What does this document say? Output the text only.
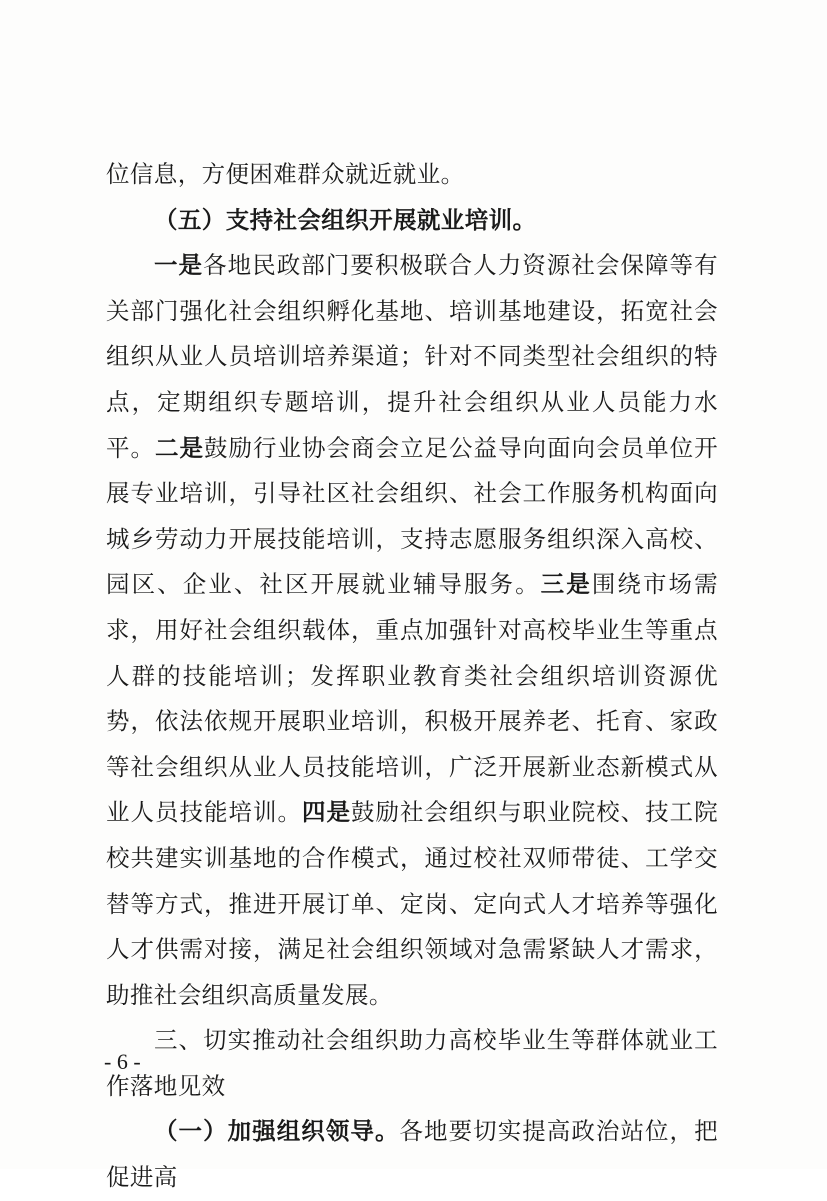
位信息，方便困难群众就近就业。

（五）支持社会组织开展就业培训。

一是各地民政部门要积极联合人力资源社会保障等有关部门强化社会组织孵化基地、培训基地建设，拓宽社会组织从业人员培训培养渠道；针对不同类型社会组织的特点，定期组织专题培训，提升社会组织从业人员能力水平。二是鼓励行业协会商会立足公益导向面向会员单位开展专业培训，引导社区社会组织、社会工作服务机构面向城乡劳动力开展技能培训，支持志愿服务组织深入高校、园区、企业、社区开展就业辅导服务。三是围绕市场需求，用好社会组织载体，重点加强针对高校毕业生等重点人群的技能培训；发挥职业教育类社会组织培训资源优势，依法依规开展职业培训，积极开展养老、托育、家政等社会组织从业人员技能培训，广泛开展新业态新模式从业人员技能培训。四是鼓励社会组织与职业院校、技工院校共建实训基地的合作模式，通过校社双师带徒、工学交替等方式，推进开展订单、定岗、定向式人才培养等强化人才供需对接，满足社会组织领域对急需紧缺人才需求，助推社会组织高质量发展。

三、切实推动社会组织助力高校毕业生等群体就业工作落地见效

（一）加强组织领导。各地要切实提高政治站位，把促进高

- 6 -
